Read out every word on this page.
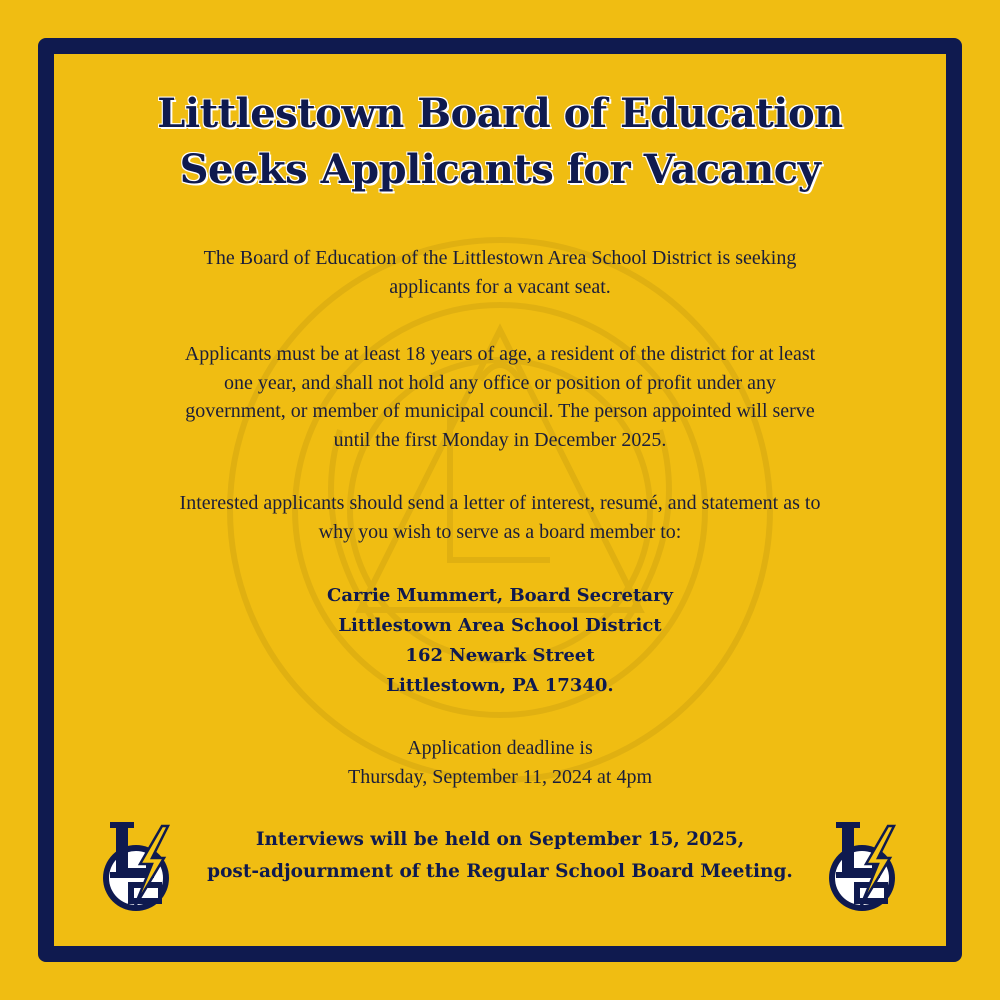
Littlestown Board of Education
Seeks Applicants for Vacancy
The Board of Education of the Littlestown Area School District is seeking
applicants for a vacant seat.
Applicants must be at least 18 years of age, a resident of the district for at least
one year, and shall not hold any office or position of profit under any
government, or member of municipal council. The person appointed will serve
until the first Monday in December 2025.
Interested applicants should send a letter of interest, resumé, and statement as to
why you wish to serve as a board member to:
Carrie Mummert, Board Secretary
Littlestown Area School District
162 Newark Street
Littlestown, PA 17340.
Application deadline is
Thursday, September 11, 2024 at 4pm
Interviews will be held on September 15, 2025,
post-adjournment of the Regular School Board Meeting.
